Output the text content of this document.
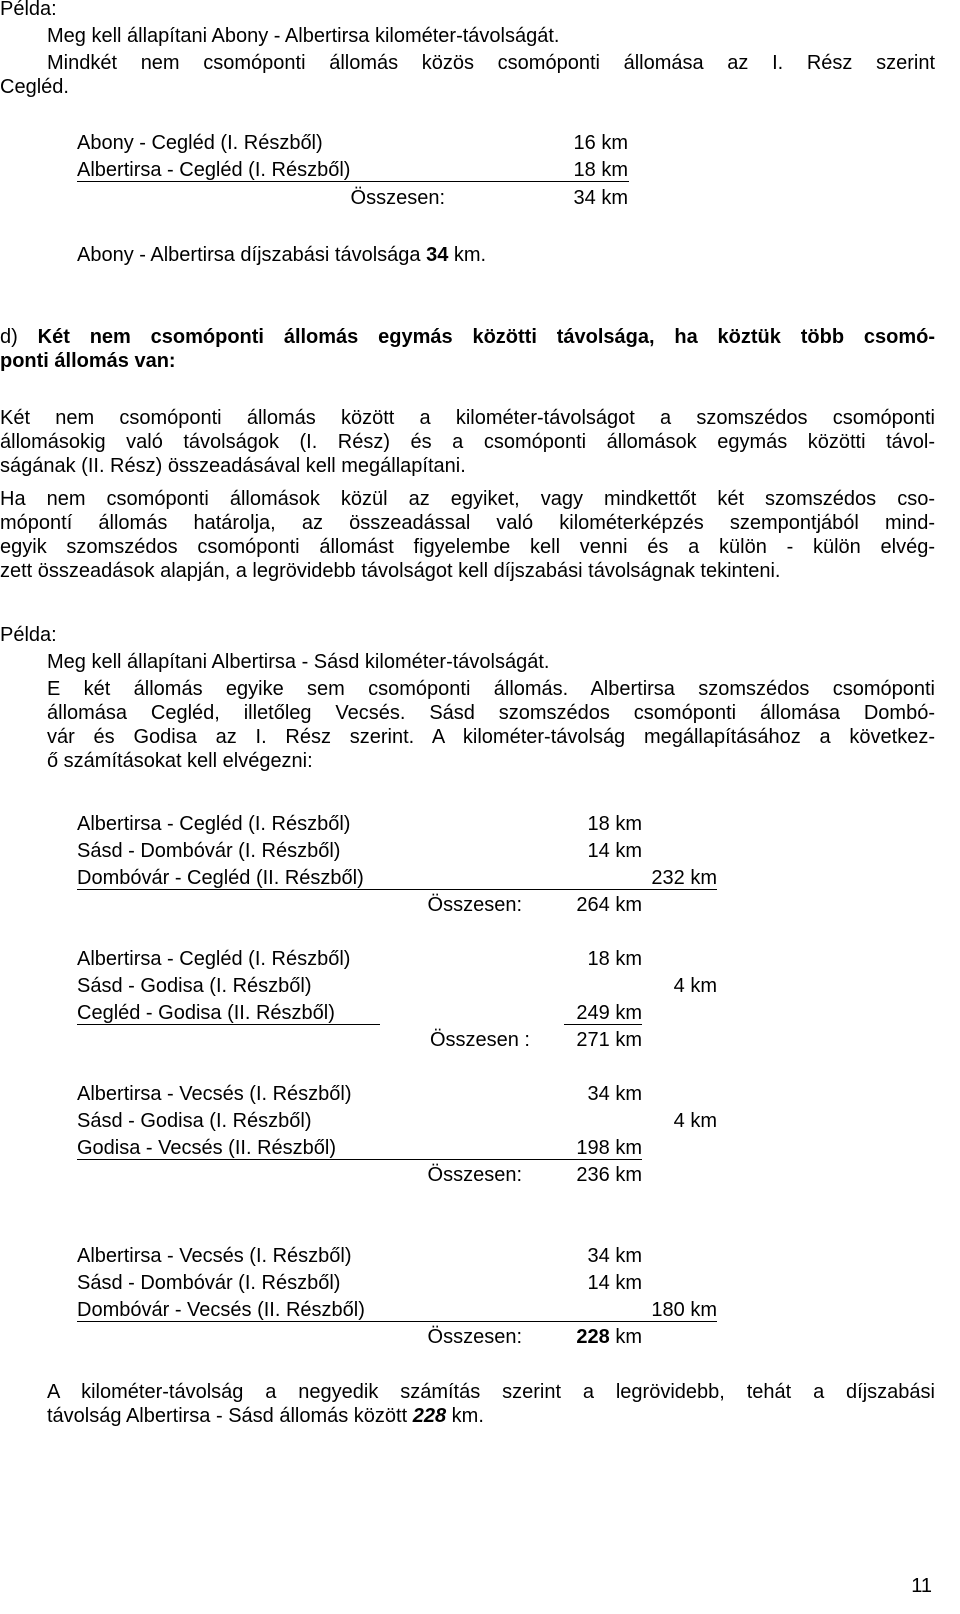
Példa:
Meg kell állapítani Abony - Albertirsa kilométer-távolságát.
Mindkét nem csomóponti állomás közös csomóponti állomása az I. Rész szerint
Cegléd.
Abony - Cegléd (I. Részből)	16 km
Albertirsa - Cegléd (I. Részből)	18 km
Összesen:	34 km
Abony - Albertirsa díjszabási távolsága 34 km.
d) Két nem csomóponti állomás egymás közötti távolsága, ha köztük több csomó-
ponti állomás van:
Két nem csomóponti állomás között a kilométer-távolságot a szomszédos csomóponti
állomásokig való távolságok (I. Rész) és a csomóponti állomások egymás közötti távol-
ságának (II. Rész) összeadásával kell megállapítani.
Ha nem csomóponti állomások közül az egyiket, vagy mindkettőt két szomszédos cso-
mópontí állomás határolja, az összeadással való kilométerképzés szempontjából mind-
egyik szomszédos csomóponti állomást figyelembe kell venni és a külön - külön elvég-
zett összeadások alapján, a legrövidebb távolságot kell díjszabási távolságnak tekinteni.
Példa:
Meg kell állapítani Albertirsa - Sásd kilométer-távolságát.
E két állomás egyike sem csomóponti állomás. Albertirsa szomszédos csomóponti
állomása Cegléd, illetőleg Vecsés. Sásd szomszédos csomóponti állomása Dombó-
vár és Godisa az I. Rész szerint. A kilométer-távolság megállapításához a következ-
ő számításokat kell elvégezni:
Albertirsa - Cegléd (I. Részből)	18 km
Sásd - Dombóvár (I. Részből)	14 km
Dombóvár - Cegléd (II. Részből)	232 km
Összesen:	264 km
Albertirsa - Cegléd (I. Részből)	18 km
Sásd - Godisa (I. Részből)	4 km
Cegléd - Godisa (II. Részből)	249 km
Összesen : 271 km
Albertirsa - Vecsés (I. Részből)	34 km
Sásd - Godisa (I. Részből)	4 km
Godisa - Vecsés (II. Részből)	198 km
Összesen:	236 km
Albertirsa - Vecsés (I. Részből)	34 km
Sásd - Dombóvár (I. Részből)	14 km
Dombóvár - Vecsés (II. Részből)	180 km
Összesen:	228 km
A kilométer-távolság a negyedik számítás szerint a legrövidebb, tehát a díjszabási
távolság Albertirsa - Sásd állomás között 228 km.
11
